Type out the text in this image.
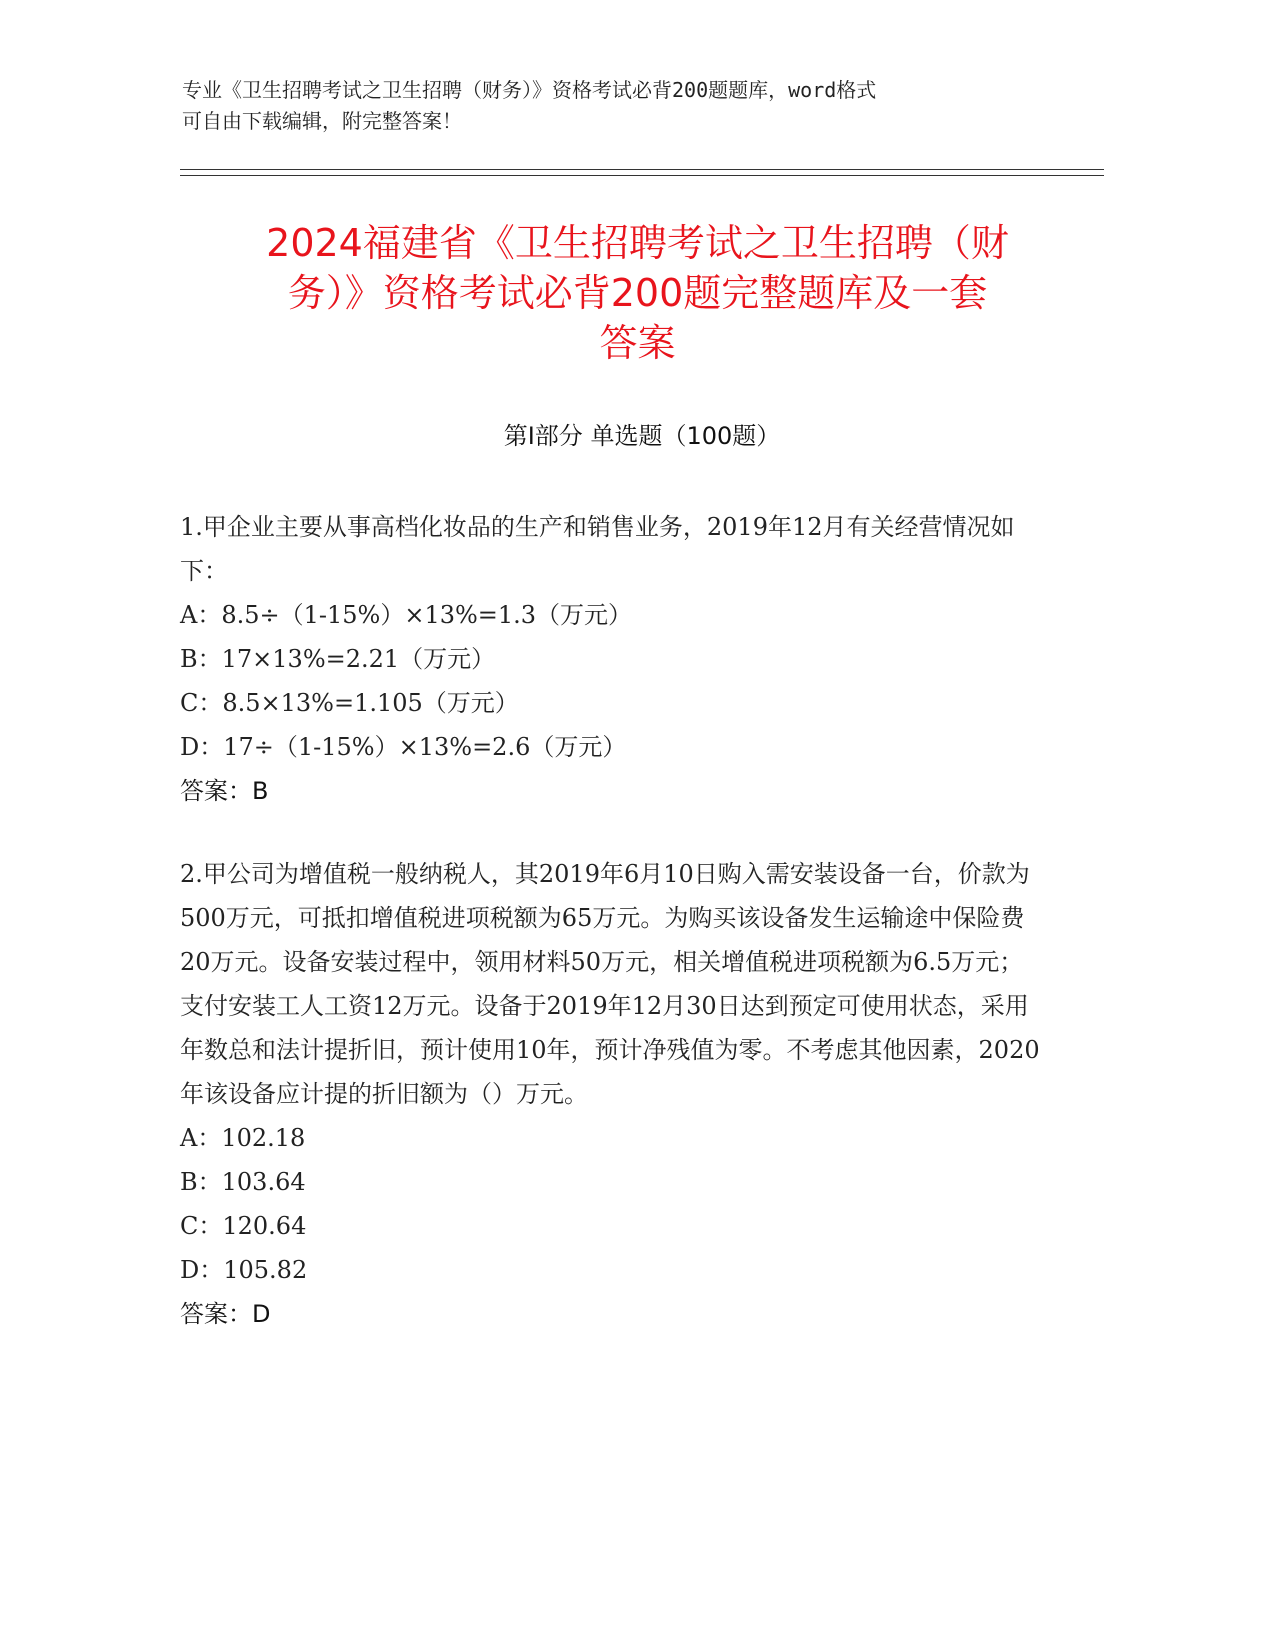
专业《卫生招聘考试之卫生招聘（财务）》资格考试必背200题题库，word格式
可自由下载编辑，附完整答案！
2024福建省《卫生招聘考试之卫生招聘（财
务）》资格考试必背200题完整题库及一套
答案
第Ⅰ部分 单选题（100题）

1.甲企业主要从事高档化妆品的生产和销售业务，2019年12月有关经营情况如下：

A：8.5÷（1-15%）×13%=1.3（万元）

B：17×13%=2.21（万元）

C：8.5×13%=1.105（万元）

D：17÷（1-15%）×13%=2.6（万元）

答案：B

2.甲公司为增值税一般纳税人，其2019年6月10日购入需安装设备一台，价款为500万元，可抵扣增值税进项税额为65万元。为购买该设备发生运输途中保险费20万元。设备安装过程中，领用材料50万元，相关增值税进项税额为6.5万元；支付安装工人工资12万元。设备于2019年12月30日达到预定可使用状态，采用年数总和法计提折旧，预计使用10年，预计净残值为零。不考虑其他因素，2020年该设备应计提的折旧额为（）万元。

A：102.18

B：103.64

C：120.64

D：105.82

答案：D
